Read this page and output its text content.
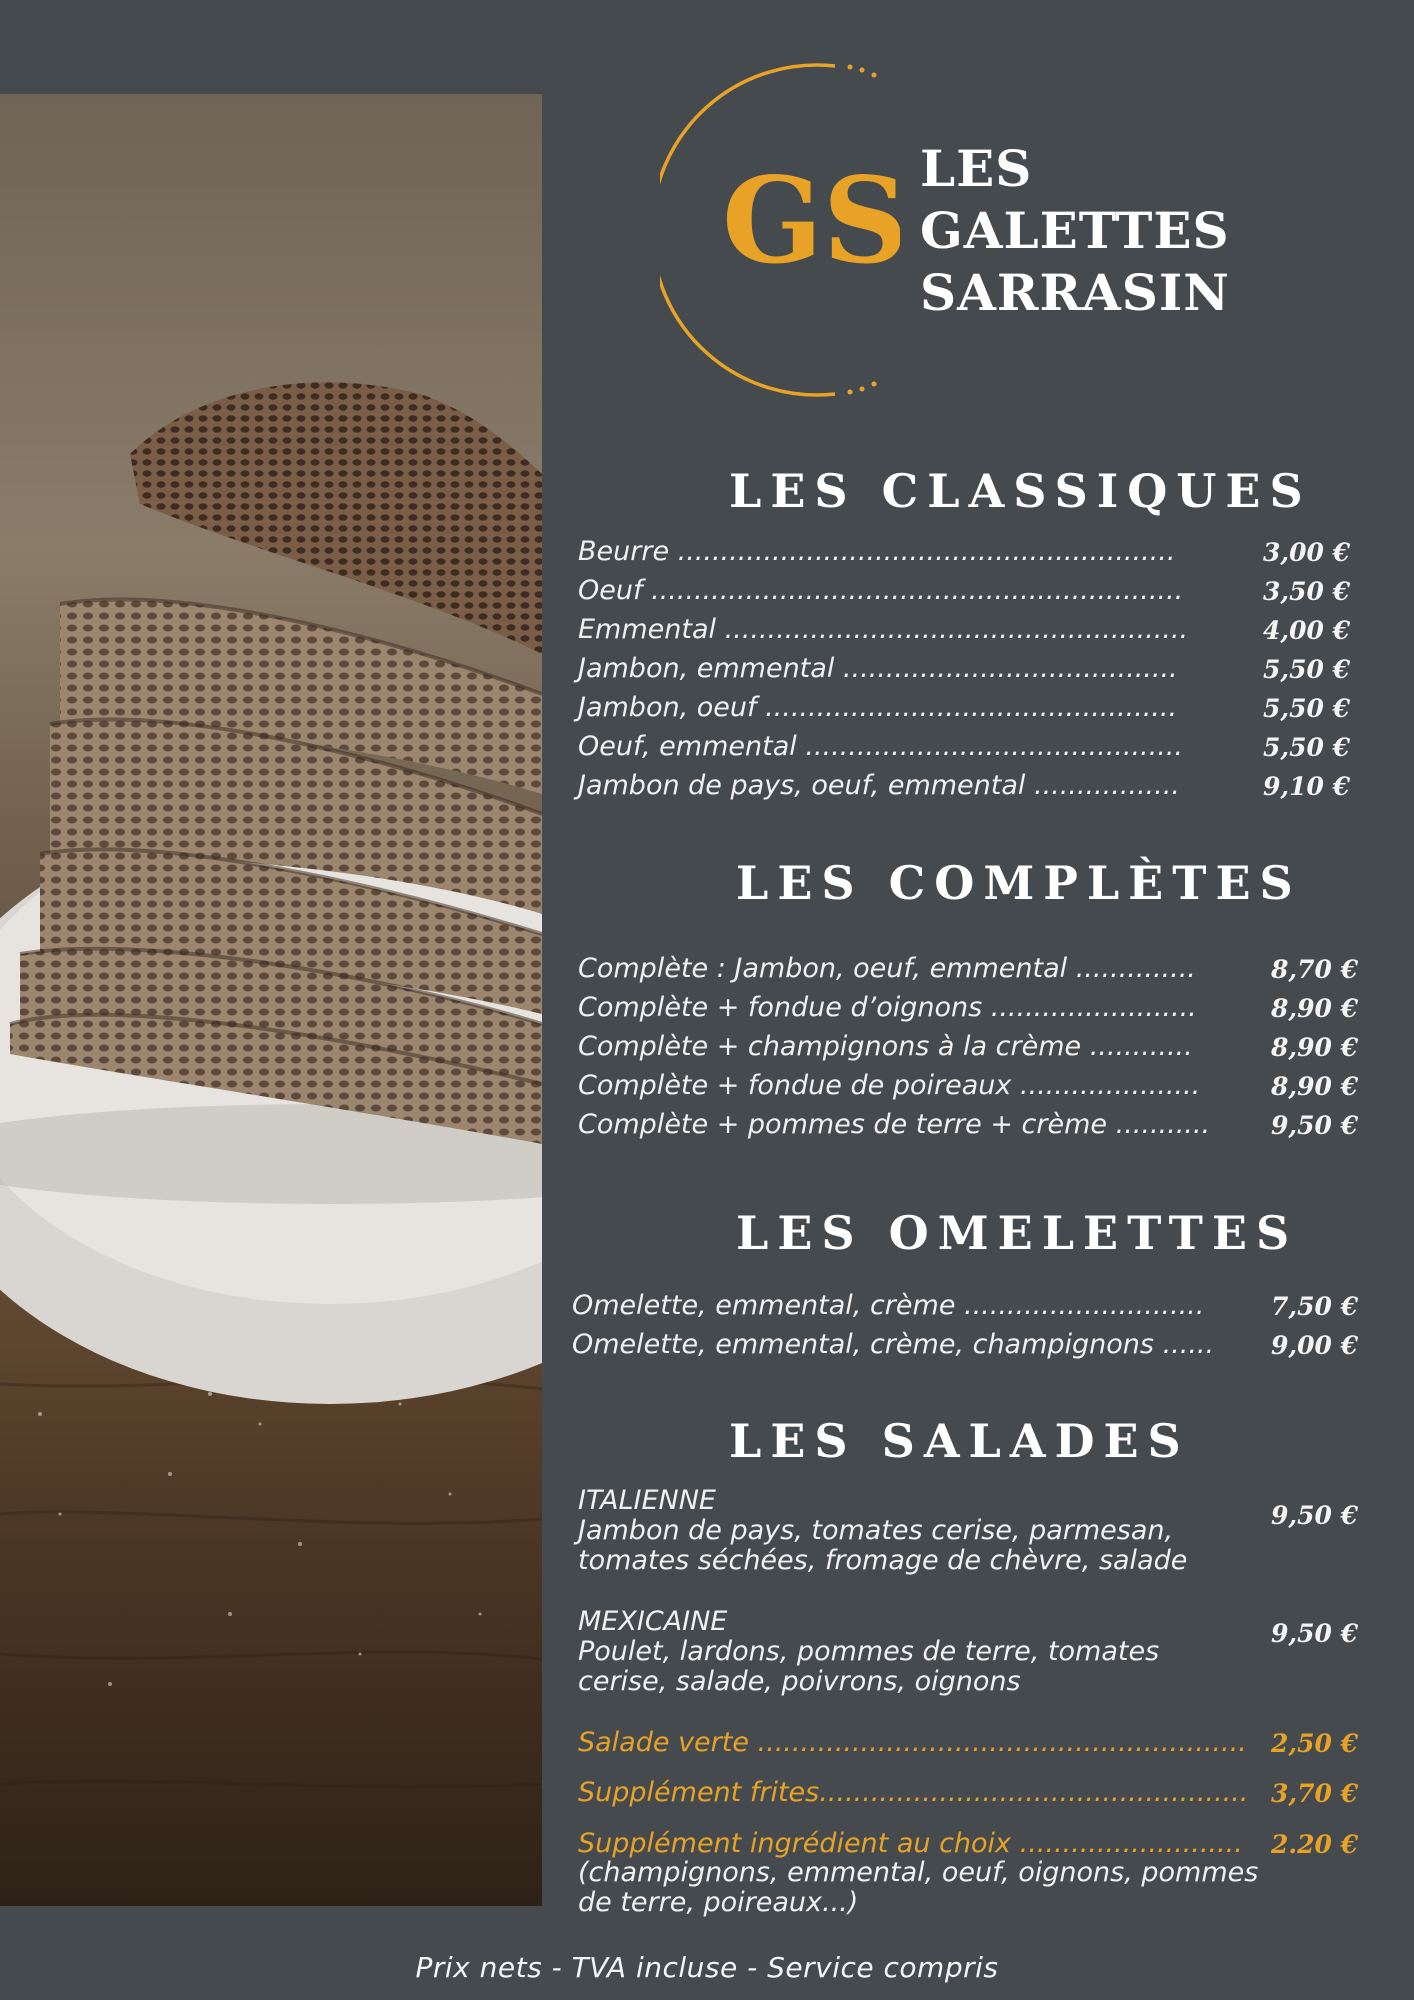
GS LES
GALETTES
SARRASIN
LES CLASSIQUES
Beurre ..........................................................	3,00 €
Oeuf ..............................................................	3,50 €
Emmental ......................................................	4,00 €
Jambon, emmental .......................................	5,50 €
Jambon, oeuf ................................................	5,50 €
Oeuf, emmental ............................................	5,50 €
Jambon de pays, oeuf, emmental .................	9,10 €
LES COMPLÈTES
Complète : Jambon, oeuf, emmental ..............	8,70 €
Complète + fondue d’oignons ........................	8,90 €
Complète + champignons à la crème ............	8,90 €
Complète + fondue de poireaux .....................	8,90 €
Complète + pommes de terre + crème ...........	9,50 €
LES OMELETTES
Omelette, emmental, crème ............................	7,50 €
Omelette, emmental, crème, champignons ......	9,00 €
LES SALADES
ITALIENNE
Jambon de pays, tomates cerise, parmesan,
tomates séchées, fromage de chèvre, salade
9,50 €
MEXICAINE
Poulet, lardons, pommes de terre, tomates
cerise, salade, poivrons, oignons
9,50 €
Salade verte ......................................................... 2,50 €
Supplément frites.................................................. 3,70 €
Supplément ingrédient au choix ..........................	2.20 €
(champignons, emmental, oeuf, oignons, pommes
de terre, poireaux...)
Prix nets - TVA incluse - Service compris
